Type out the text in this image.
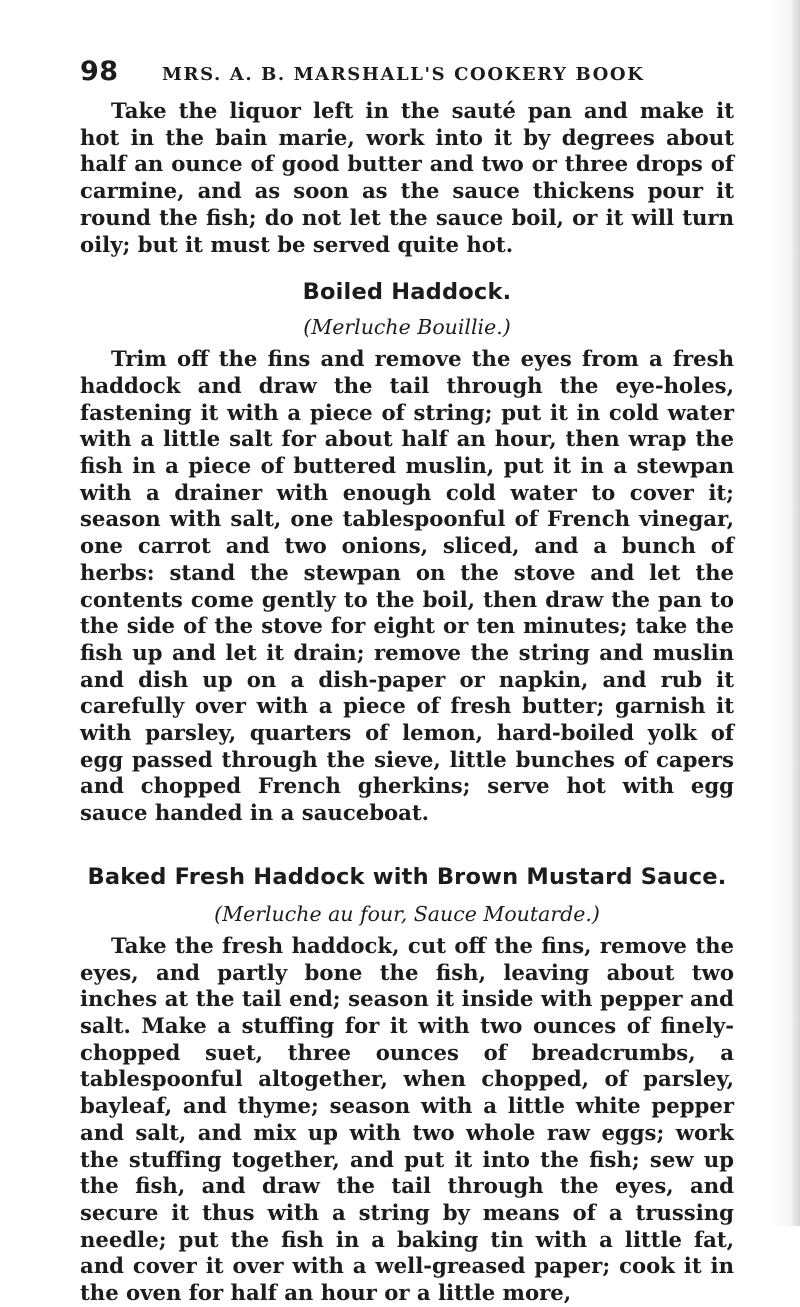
98	MRS. A. B. MARSHALL'S COOKERY BOOK

Take the liquor left in the sauté pan and make it hot in the bain marie, work into it by degrees about half an ounce of good butter and two or three drops of carmine, and as soon as the sauce thickens pour it round the fish; do not let the sauce boil, or it will turn oily; but it must be served quite hot.

Boiled Haddock.

(Merluche Bouillie.)

Trim off the fins and remove the eyes from a fresh haddock and draw the tail through the eye-holes, fastening it with a piece of string; put it in cold water with a little salt for about half an hour, then wrap the fish in a piece of buttered muslin, put it in a stewpan with a drainer with enough cold water to cover it; season with salt, one tablespoonful of French vinegar, one carrot and two onions, sliced, and a bunch of herbs: stand the stewpan on the stove and let the contents come gently to the boil, then draw the pan to the side of the stove for eight or ten minutes; take the fish up and let it drain; remove the string and muslin and dish up on a dish-paper or napkin, and rub it carefully over with a piece of fresh butter; garnish it with parsley, quarters of lemon, hard-boiled yolk of egg passed through the sieve, little bunches of capers and chopped French gherkins; serve hot with egg sauce handed in a sauceboat.

Baked Fresh Haddock with Brown Mustard Sauce.

(Merluche au four, Sauce Moutarde.)

Take the fresh haddock, cut off the fins, remove the eyes, and partly bone the fish, leaving about two inches at the tail end; season it inside with pepper and salt. Make a stuffing for it with two ounces of finely-chopped suet, three ounces of breadcrumbs, a tablespoonful altogether, when chopped, of parsley, bayleaf, and thyme; season with a little white pepper and salt, and mix up with two whole raw eggs; work the stuffing together, and put it into the fish; sew up the fish, and draw the tail through the eyes, and secure it thus with a string by means of a trussing needle; put the fish in a baking tin with a little fat, and cover it over with a well-greased paper; cook it in the oven for half an hour or a little more,
